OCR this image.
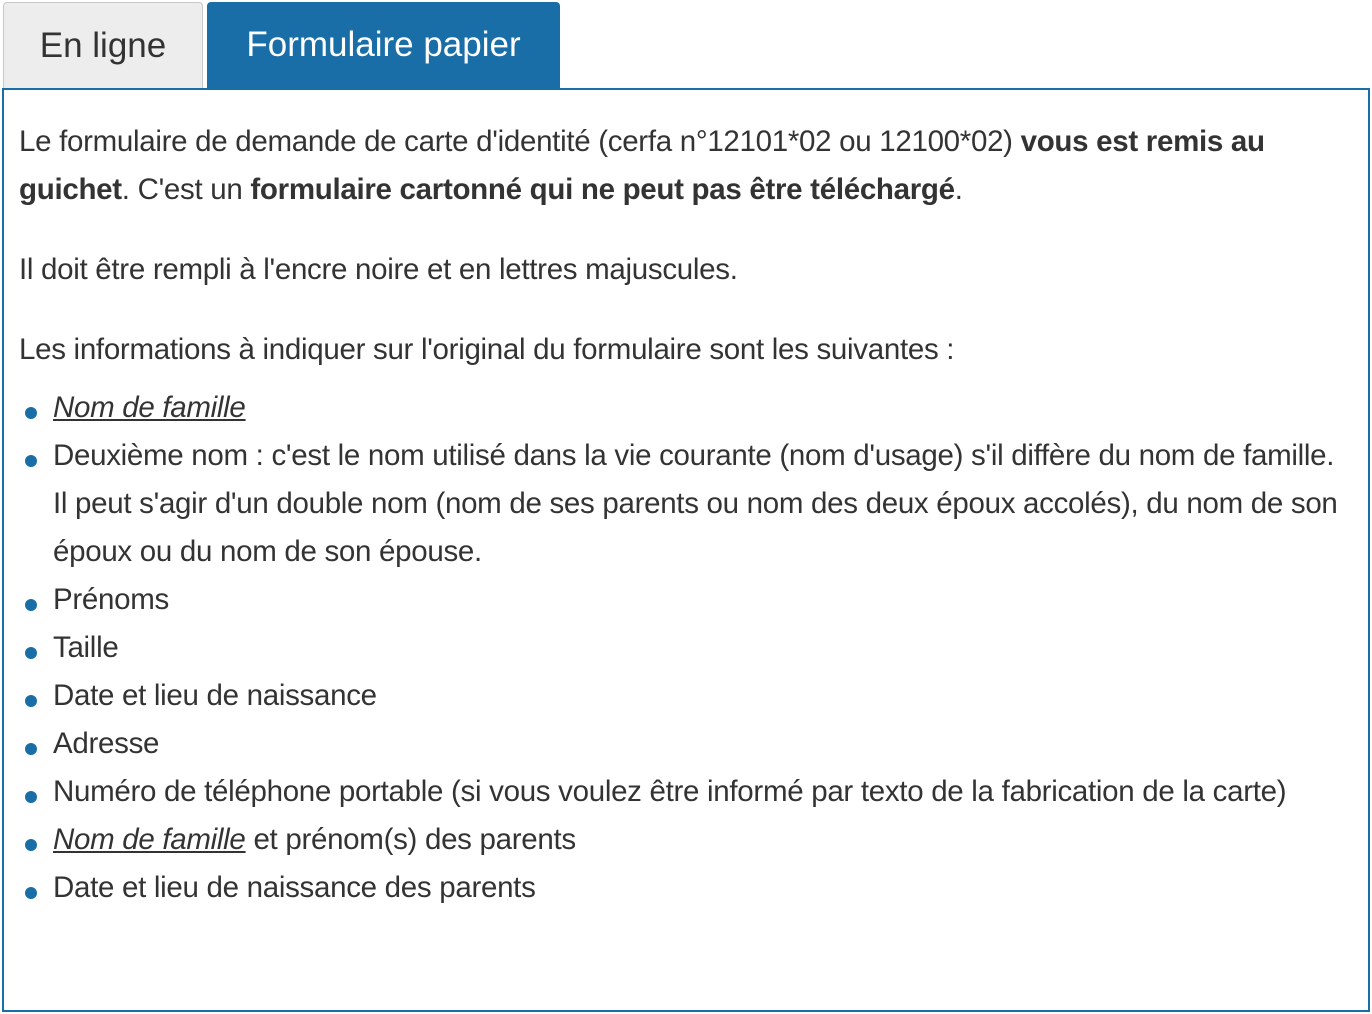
En ligne	Formulaire papier

Le formulaire de demande de carte d'identité (cerfa n°12101*02 ou 12100*02) vous est remis au guichet. C'est un formulaire cartonné qui ne peut pas être téléchargé.

Il doit être rempli à l'encre noire et en lettres majuscules.

Les informations à indiquer sur l'original du formulaire sont les suivantes :

Nom de famille
Deuxième nom : c'est le nom utilisé dans la vie courante (nom d'usage) s'il diffère du nom de famille. Il peut s'agir d'un double nom (nom de ses parents ou nom des deux époux accolés), du nom de son époux ou du nom de son épouse.
Prénoms
Taille
Date et lieu de naissance
Adresse
Numéro de téléphone portable (si vous voulez être informé par texto de la fabrication de la carte)
Nom de famille et prénom(s) des parents
Date et lieu de naissance des parents
